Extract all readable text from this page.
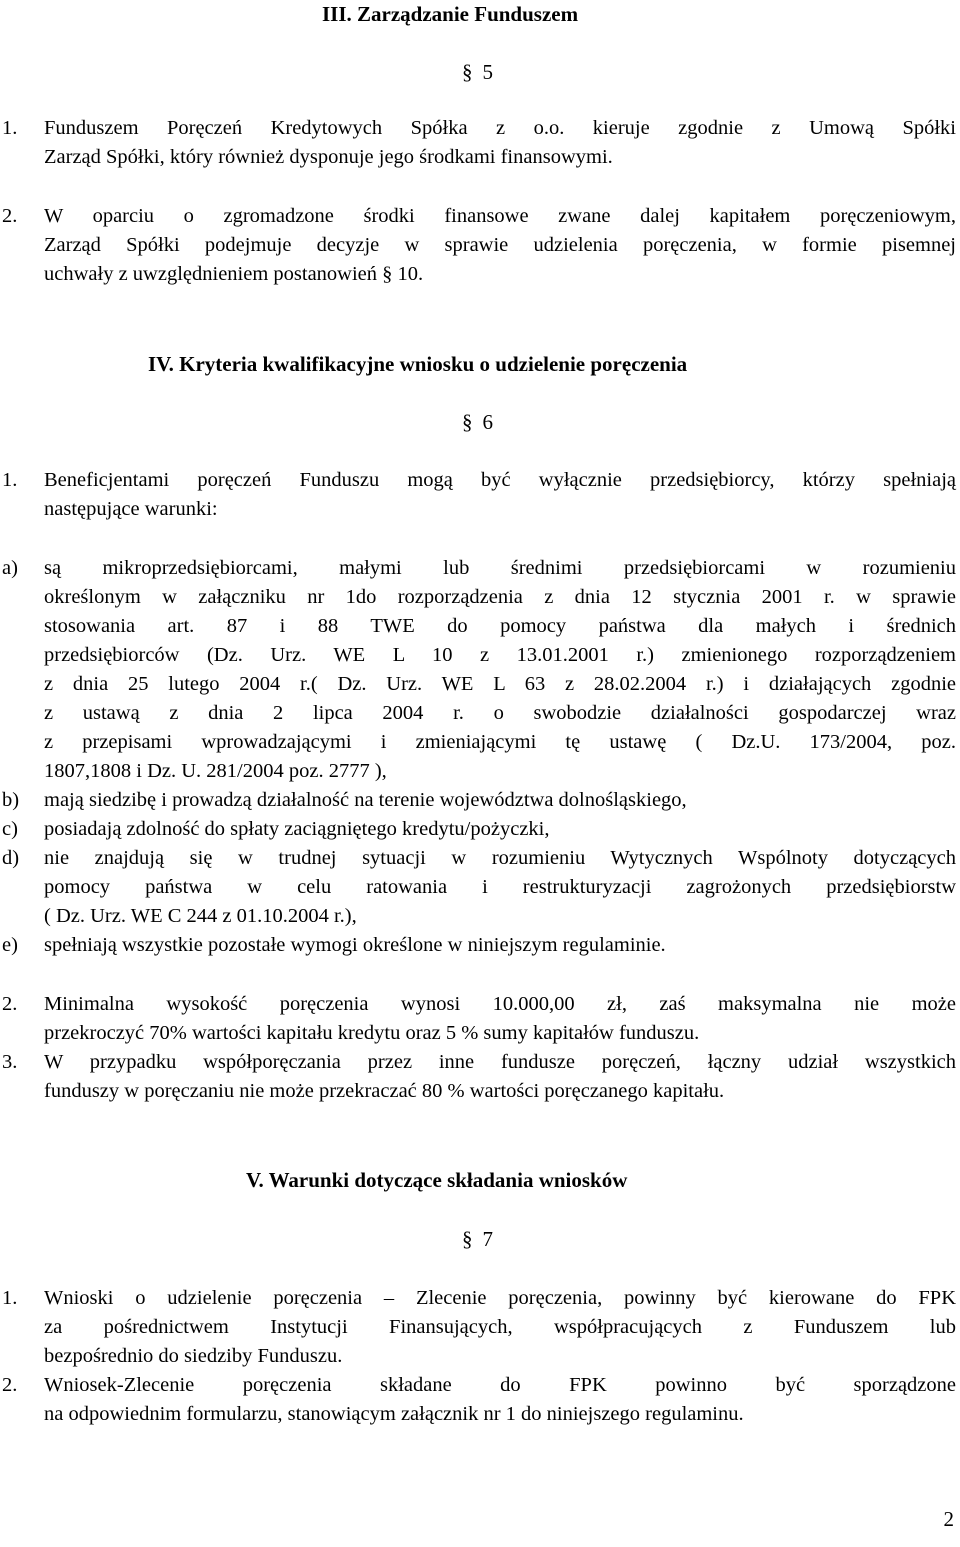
III. Zarządzanie Funduszem
§ 5
1. Funduszem Poręczeń Kredytowych Spółka z o.o. kieruje zgodnie z Umową Spółki
Zarząd Spółki, który również dysponuje jego środkami finansowymi.
2. W oparciu o zgromadzone środki finansowe zwane dalej kapitałem poręczeniowym,
Zarząd Spółki podejmuje decyzje w sprawie udzielenia poręczenia, w formie pisemnej
uchwały z uwzględnieniem postanowień § 10.
IV. Kryteria kwalifikacyjne wniosku o udzielenie poręczenia
§ 6
1. Beneficjentami poręczeń Funduszu mogą być wyłącznie przedsiębiorcy, którzy spełniają
następujące warunki:
a) są mikroprzedsiębiorcami, małymi lub średnimi przedsiębiorcami w rozumieniu
określonym w załączniku nr 1do rozporządzenia z dnia 12 stycznia 2001 r. w sprawie
stosowania art. 87 i 88 TWE do pomocy państwa dla małych i średnich
przedsiębiorców (Dz. Urz. WE L 10 z 13.01.2001 r.) zmienionego rozporządzeniem
z dnia 25 lutego 2004 r.( Dz. Urz. WE L 63 z 28.02.2004 r.) i działających zgodnie
z ustawą z dnia 2 lipca 2004 r. o swobodzie działalności gospodarczej wraz
z przepisami wprowadzającymi i zmieniającymi tę ustawę ( Dz.U. 173/2004, poz.
1807,1808 i Dz. U. 281/2004 poz. 2777 ),
b) mają siedzibę i prowadzą działalność na terenie województwa dolnośląskiego,
c) posiadają zdolność do spłaty zaciągniętego kredytu/pożyczki,
d) nie znajdują się w trudnej sytuacji w rozumieniu Wytycznych Wspólnoty dotyczących
pomocy państwa w celu ratowania i restrukturyzacji zagrożonych przedsiębiorstw
( Dz. Urz. WE C 244 z 01.10.2004 r.),
e) spełniają wszystkie pozostałe wymogi określone w niniejszym regulaminie.
2. Minimalna wysokość poręczenia wynosi 10.000,00 zł, zaś maksymalna nie może
przekroczyć 70% wartości kapitału kredytu oraz 5 % sumy kapitałów funduszu.
3. W przypadku współporęczania przez inne fundusze poręczeń, łączny udział wszystkich
funduszy w poręczaniu nie może przekraczać 80 % wartości poręczanego kapitału.
V. Warunki dotyczące składania wniosków
§ 7
1. Wnioski o udzielenie poręczenia – Zlecenie poręczenia, powinny być kierowane do FPK
za pośrednictwem Instytucji Finansujących, współpracujących z Funduszem lub
bezpośrednio do siedziby Funduszu.
2. Wniosek-Zlecenie poręczenia składane do FPK powinno być sporządzone
na odpowiednim formularzu, stanowiącym załącznik nr 1 do niniejszego regulaminu.
2
